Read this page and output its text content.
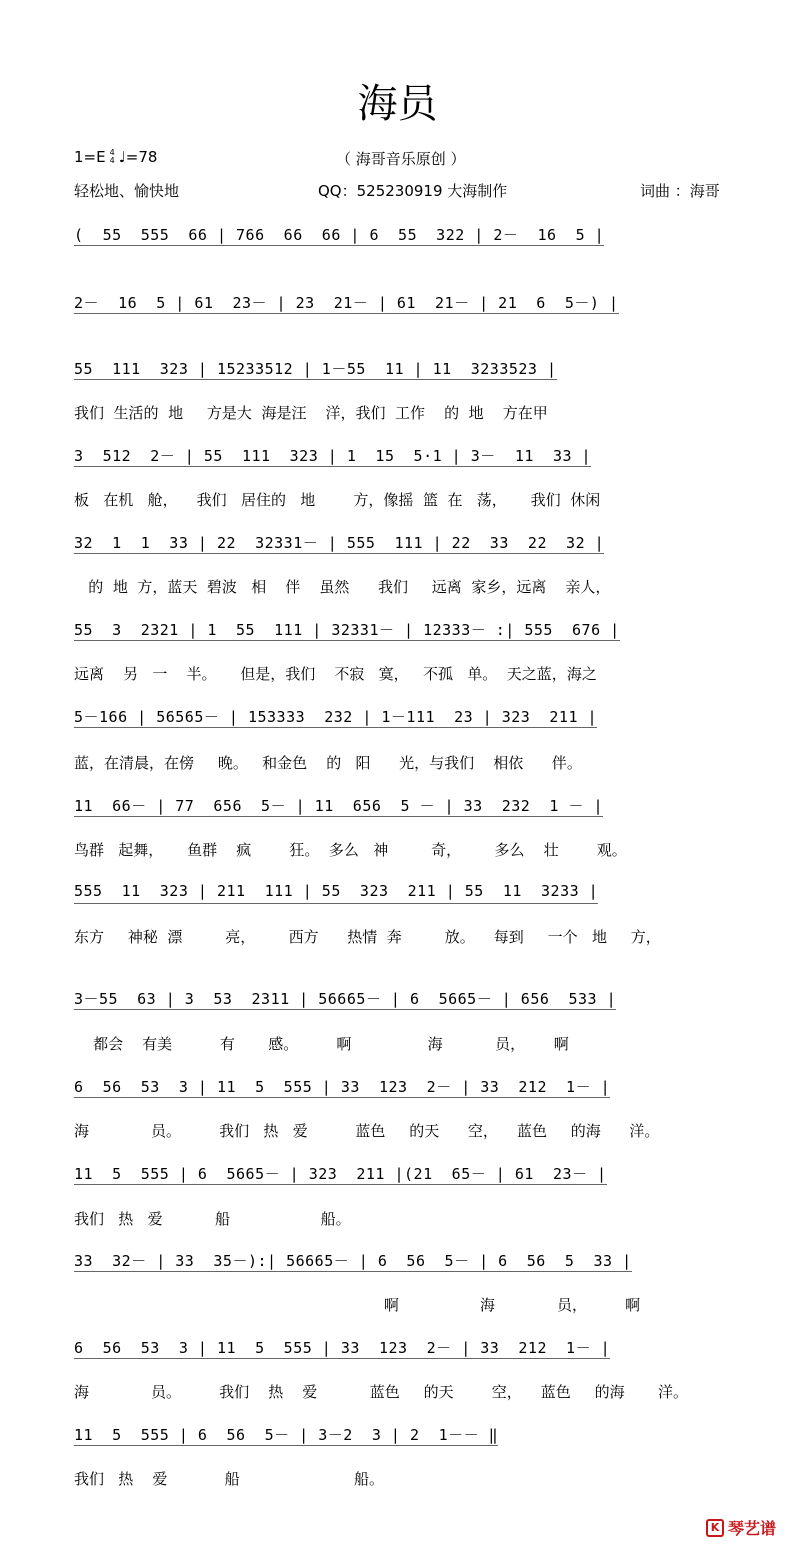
海员
1=E 4
4 ♩=78	（ 海哥音乐原创 ）
轻松地、愉快地	QQ：525230919 大海制作	词曲 ：海哥
(  55  555  66 | 766  66  66 | 6  55  322 | 2－  16  5 |
2－  16  5 | 61  23－ | 23  21－ | 61  21－ | 21  6  5－) |
55  111  323 | 15233512 | 1－55  11 | 11  3233523 |
我们  生活的  地     方是大  海是汪    洋，我们  工作    的  地    方在甲
3  512  2－ | 55  111  323 | 1  15  5·1 | 3－  11  33 |
板   在机   舱，    我们   居住的   地        方，像摇  篮  在   荡，     我们  休闲
32  1  1  33 | 22  32331－ | 555  111 | 22  33  22  32 |
的  地  方，蓝天  碧波   相    伴    虽然      我们     远离  家乡，远离    亲人，
55  3  2321 | 1  55  111 | 32331－ | 12333－ :| 555  676 |
远离    另   一    半。     但是，我们    不寂   寞，   不孤   单。  天之蓝，海之
5－166 | 56565－ | 153333  232 | 1－111  23 | 323  211 |
蓝，在清晨，在傍     晚。   和金色    的   阳      光，与我们    相依      伴。
11  66－ | 77  656  5－ | 11  656  5 － | 33  232  1 － |
鸟群   起舞，     鱼群    疯        狂。  多么   神         奇，       多么    壮        观。
555  11  323 | 211  111 | 55  323  211 | 55  11  3233 |
东方     神秘  漂         亮，       西方      热情  奔         放。    每到     一个   地     方，
3－55  63 | 3  53  2311 | 56665－ | 6  5665－ | 656  533 |
都会    有美          有       感。        啊                海           员，      啊
6  56  53  3 | 11  5  555 | 33  123  2－ | 33  212  1－ |
海             员。        我们   热   爱          蓝色     的天      空，    蓝色     的海      洋。
11  5  555 | 6  5665－ | 323  211 |(21  65－ | 61  23－ |
我们   热   爱           船                   船。
33  32－ | 33  35－):| 56665－ | 6  56  5－ | 6  56  5  33 |
啊                 海             员，        啊
6  56  53  3 | 11  5  555 | 33  123  2－ | 33  212  1－ |
海             员。        我们    热    爱           蓝色     的天        空，    蓝色     的海       洋。
11  5  555 | 6  56  5－ | 3－2  3 | 2  1－－ ‖
我们   热    爱            船                        船。
K 琴艺谱
